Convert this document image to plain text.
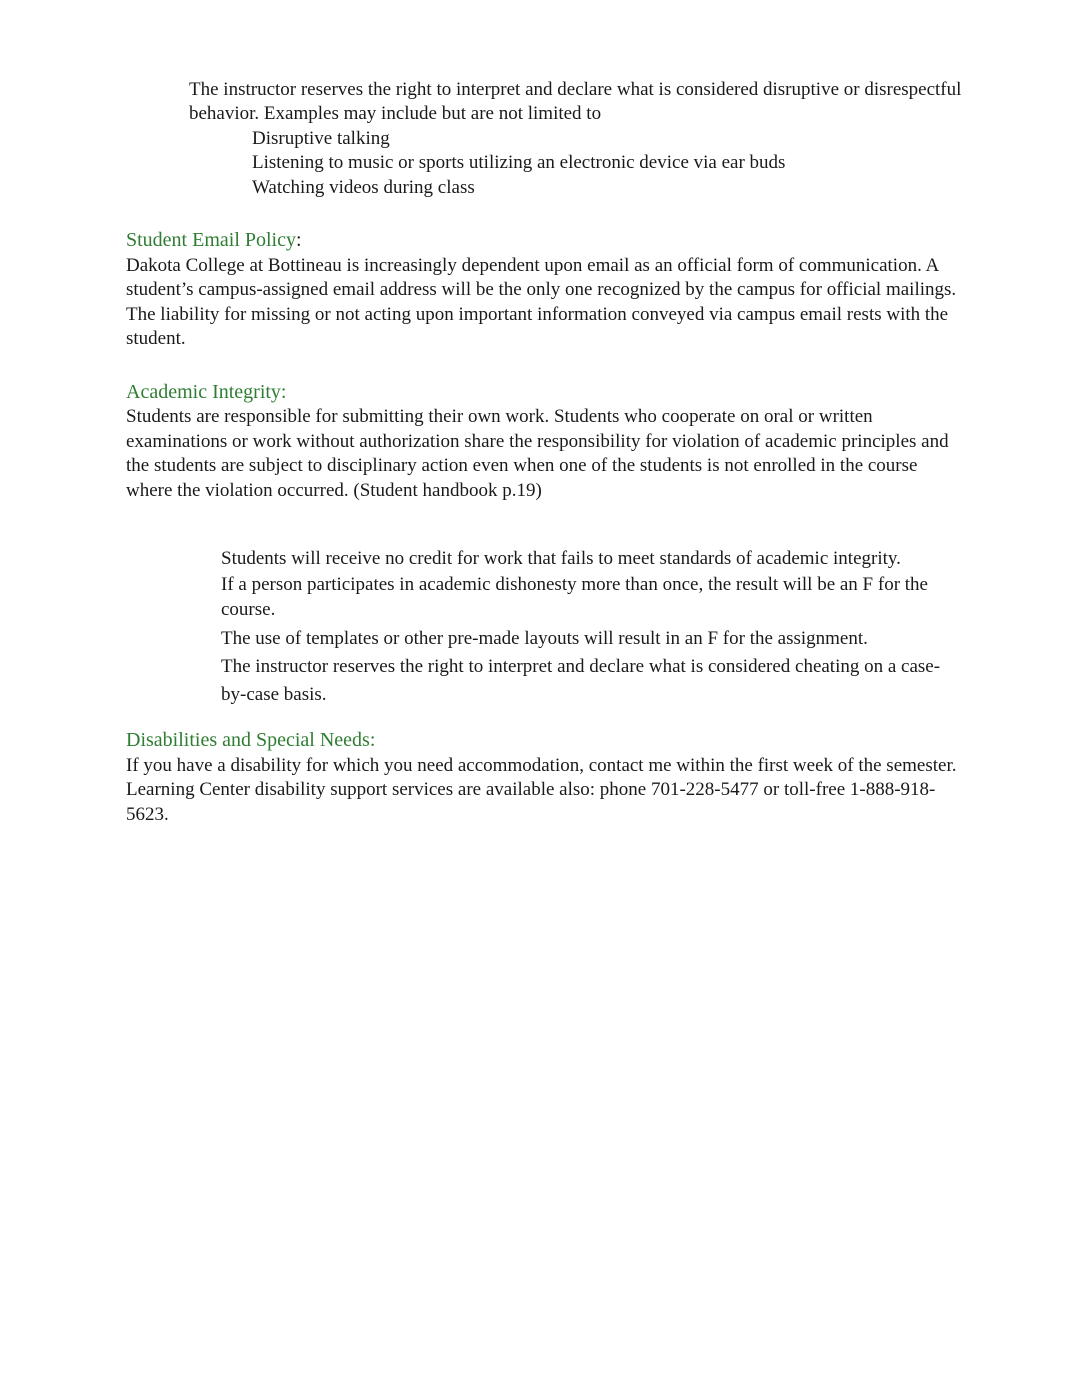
The instructor reserves the right to interpret and declare what is considered disruptive or disrespectful
behavior. Examples may include but are not limited to
Disruptive talking
Listening to music or sports utilizing an electronic device via ear buds
Watching videos during class
Student Email Policy:
Dakota College at Bottineau is increasingly dependent upon email as an official form of communication. A
student’s campus-assigned email address will be the only one recognized by the campus for official mailings.
The liability for missing or not acting upon important information conveyed via campus email rests with the
student.
Academic Integrity:
Students are responsible for submitting their own work. Students who cooperate on oral or written
examinations or work without authorization share the responsibility for violation of academic principles and
the students are subject to disciplinary action even when one of the students is not enrolled in the course
where the violation occurred. (Student handbook p.19)
Students will receive no credit for work that fails to meet standards of academic integrity.
If a person participates in academic dishonesty more than once, the result will be an F for the
course.
The use of templates or other pre-made layouts will result in an F for the assignment.
The instructor reserves the right to interpret and declare what is considered cheating on a case-
by-case basis.
Disabilities and Special Needs:
If you have a disability for which you need accommodation, contact me within the first week of the semester.
Learning Center disability support services are available also: phone 701-228-5477 or toll-free 1-888-918-
5623.
